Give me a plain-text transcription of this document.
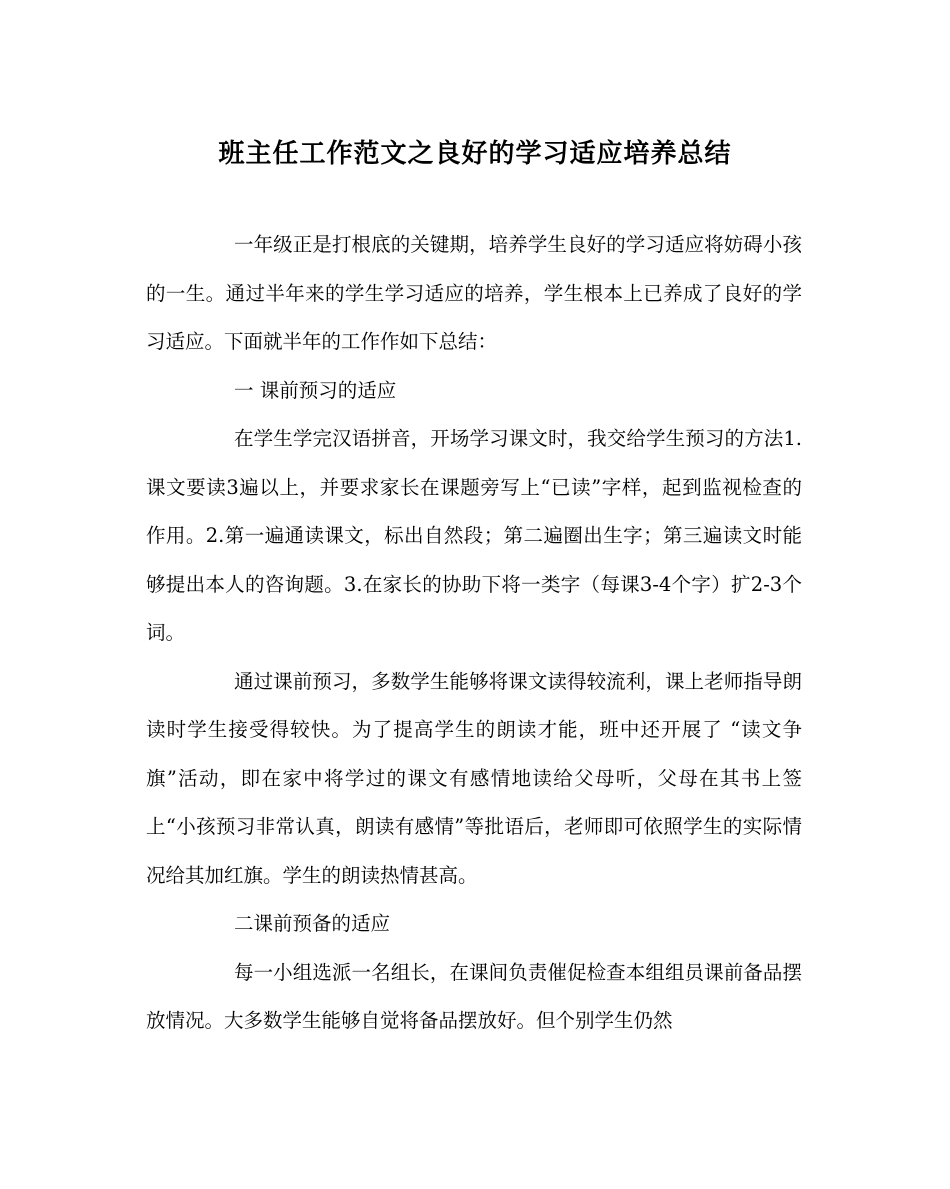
班主任工作范文之良好的学习适应培养总结

一年级正是打根底的关键期，培养学生良好的学习适应将妨碍小孩的一生。通过半年来的学生学习适应的培养，学生根本上已养成了良好的学习适应。下面就半年的工作作如下总结：

一 课前预习的适应

在学生学完汉语拼音，开场学习课文时，我交给学生预习的方法1.课文要读3遍以上，并要求家长在课题旁写上“已读”字样，起到监视检查的作用。2.第一遍通读课文，标出自然段；第二遍圈出生字；第三遍读文时能够提出本人的咨询题。3.在家长的协助下将一类字（每课3-4个字）扩2-3个词。

通过课前预习，多数学生能够将课文读得较流利，课上老师指导朗读时学生接受得较快。为了提高学生的朗读才能，班中还开展了 “读文争旗”活动，即在家中将学过的课文有感情地读给父母听，父母在其书上签上“小孩预习非常认真，朗读有感情”等批语后，老师即可依照学生的实际情况给其加红旗。学生的朗读热情甚高。

二课前预备的适应

每一小组选派一名组长，在课间负责催促检查本组组员课前备品摆放情况。大多数学生能够自觉将备品摆放好。但个别学生仍然
